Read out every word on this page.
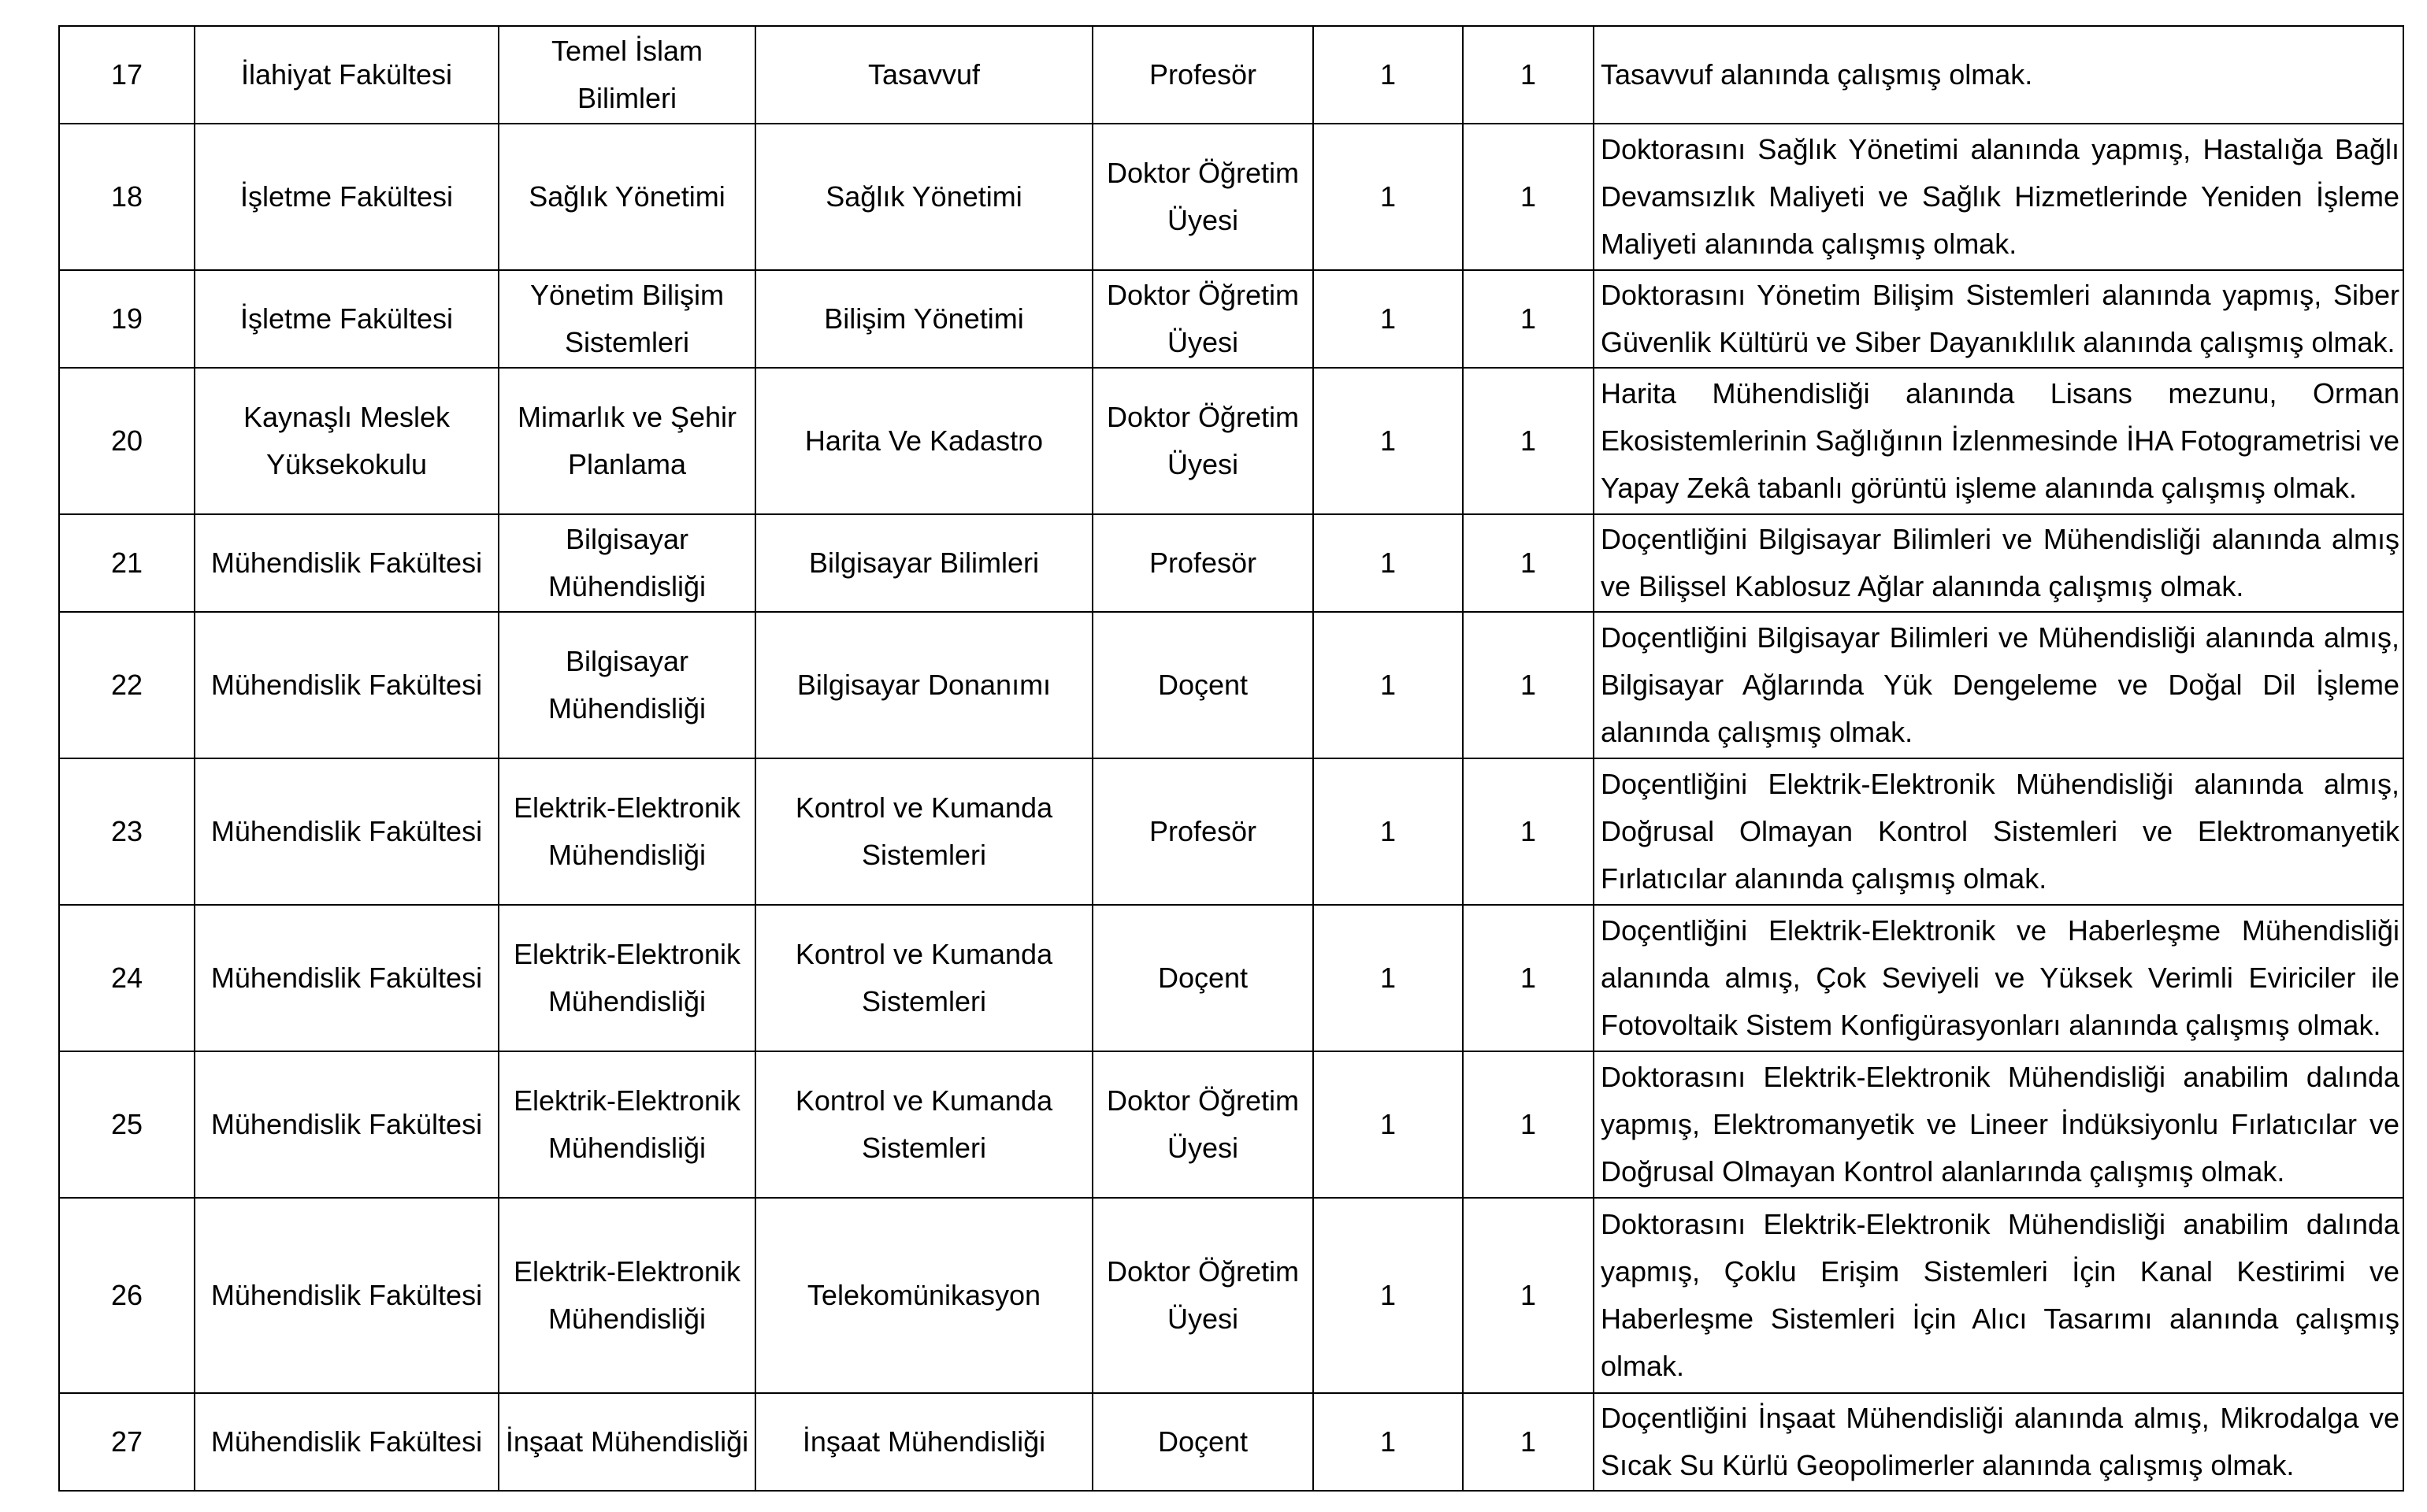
17	İlahiyat Fakültesi	Temel İslam Bilimleri	Tasavvuf	Profesör	1	1	Tasavvuf alanında çalışmış olmak.
18	İşletme Fakültesi	Sağlık Yönetimi	Sağlık Yönetimi	Doktor Öğretim Üyesi	1	1	Doktorasını Sağlık Yönetimi alanında yapmış, Hastalığa Bağlı Devamsızlık Maliyeti ve Sağlık Hizmetlerinde Yeniden İşleme Maliyeti alanında çalışmış olmak.
19	İşletme Fakültesi	Yönetim Bilişim Sistemleri	Bilişim Yönetimi	Doktor Öğretim Üyesi	1	1	Doktorasını Yönetim Bilişim Sistemleri alanında yapmış, Siber Güvenlik Kültürü ve Siber Dayanıklılık alanında çalışmış olmak.
20	Kaynaşlı Meslek Yüksekokulu	Mimarlık ve Şehir Planlama	Harita Ve Kadastro	Doktor Öğretim Üyesi	1	1	Harita Mühendisliği alanında Lisans mezunu, Orman Ekosistemlerinin Sağlığının İzlenmesinde İHA Fotogrametrisi ve Yapay Zekâ tabanlı görüntü işleme alanında çalışmış olmak.
21	Mühendislik Fakültesi	Bilgisayar Mühendisliği	Bilgisayar Bilimleri	Profesör	1	1	Doçentliğini Bilgisayar Bilimleri ve Mühendisliği alanında almış ve Bilişsel Kablosuz Ağlar alanında çalışmış olmak.
22	Mühendislik Fakültesi	Bilgisayar Mühendisliği	Bilgisayar Donanımı	Doçent	1	1	Doçentliğini Bilgisayar Bilimleri ve Mühendisliği alanında almış, Bilgisayar Ağlarında Yük Dengeleme ve Doğal Dil İşleme alanında çalışmış olmak.
23	Mühendislik Fakültesi	Elektrik-Elektronik Mühendisliği	Kontrol ve Kumanda Sistemleri	Profesör	1	1	Doçentliğini Elektrik-Elektronik Mühendisliği alanında almış, Doğrusal Olmayan Kontrol Sistemleri ve Elektromanyetik Fırlatıcılar alanında çalışmış olmak.
24	Mühendislik Fakültesi	Elektrik-Elektronik Mühendisliği	Kontrol ve Kumanda Sistemleri	Doçent	1	1	Doçentliğini Elektrik-Elektronik ve Haberleşme Mühendisliği alanında almış, Çok Seviyeli ve Yüksek Verimli Eviriciler ile Fotovoltaik Sistem Konfigürasyonları alanında çalışmış olmak.
25	Mühendislik Fakültesi	Elektrik-Elektronik Mühendisliği	Kontrol ve Kumanda Sistemleri	Doktor Öğretim Üyesi	1	1	Doktorasını Elektrik-Elektronik Mühendisliği anabilim dalında yapmış, Elektromanyetik ve Lineer İndüksiyonlu Fırlatıcılar ve Doğrusal Olmayan Kontrol alanlarında çalışmış olmak.
26	Mühendislik Fakültesi	Elektrik-Elektronik Mühendisliği	Telekomünikasyon	Doktor Öğretim Üyesi	1	1	Doktorasını Elektrik-Elektronik Mühendisliği anabilim dalında yapmış, Çoklu Erişim Sistemleri İçin Kanal Kestirimi ve Haberleşme Sistemleri İçin Alıcı Tasarımı alanında çalışmış olmak.
27	Mühendislik Fakültesi	İnşaat Mühendisliği	İnşaat Mühendisliği	Doçent	1	1	Doçentliğini İnşaat Mühendisliği alanında almış, Mikrodalga ve Sıcak Su Kürlü Geopolimerler alanında çalışmış olmak.
